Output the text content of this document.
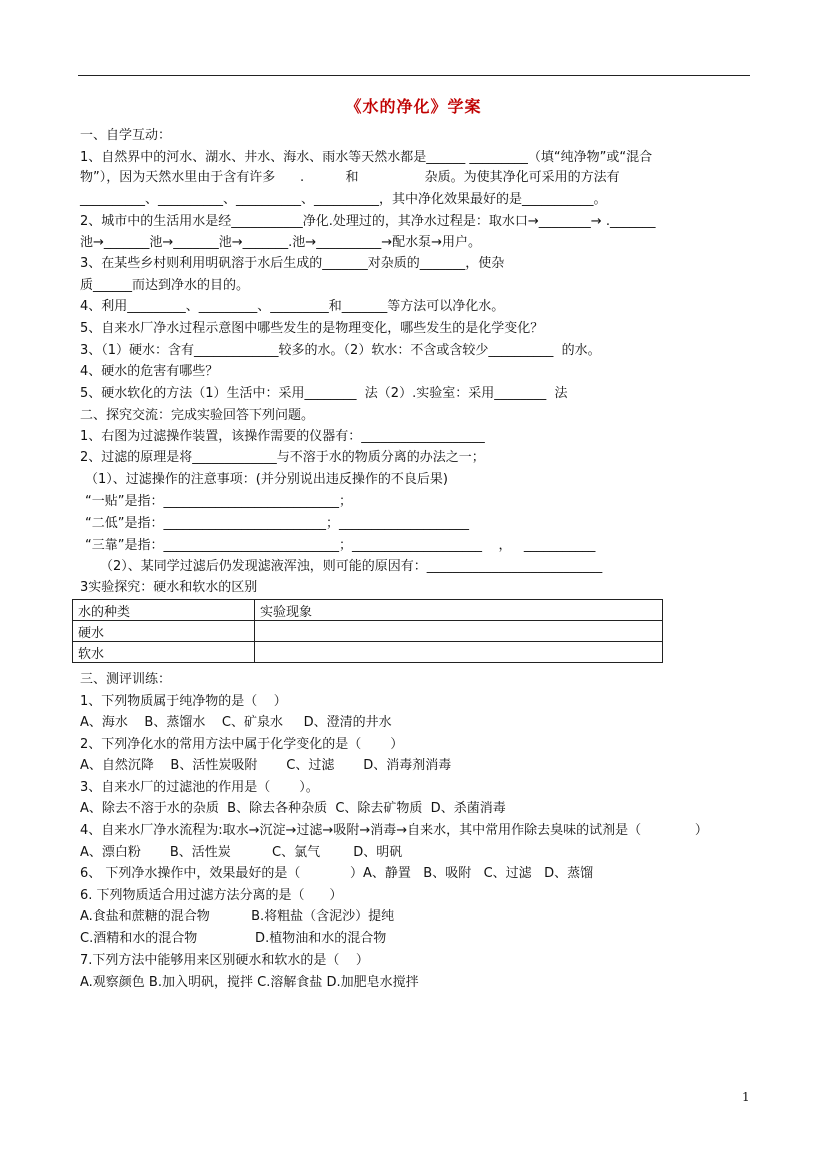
《水的净化》学案
一、自学互动：
1、自然界中的河水、湖水、井水、海水、雨水等天然水都是______ _________（填“纯净物”或“混合
物”），因为天然水里由于含有许多      .          和                杂质。为使其净化可采用的方法有
__________、__________、__________、__________，其中净化效果最好的是___________。
2、城市中的生活用水是经___________净化.处理过的，其净水过程是：取水口→________→ ._______
池→_______池→_______池→_______.池→__________→配水泵→用户。
3、在某些乡村则利用明矾溶于水后生成的_______对杂质的_______，使杂
质______而达到净水的目的。
4、利用_________、_________、_________和_______等方法可以净化水。
5、自来水厂净水过程示意图中哪些发生的是物理变化，哪些发生的是化学变化？
3、（1）硬水：含有_____________较多的水。（2）软水：不含或含较少__________  的水。
4、硬水的危害有哪些？
5、硬水软化的方法（1）生活中：采用________  法（2）.实验室：采用________  法
二、探究交流：完成实验回答下列问题。
1、右图为过滤操作装置，该操作需要的仪器有：___________________
2、过滤的原理是将_____________与不溶于水的物质分离的办法之一；
（1）、过滤操作的注意事项：(并分别说出违反操作的不良后果)
“一贴”是指：___________________________；
“二低”是指：_________________________；____________________
“三靠”是指：___________________________；____________________    ，   ___________
（2）、某同学过滤后仍发现滤液浑浊，则可能的原因有：___________________________
3实验探究：硬水和软水的区别
水的种类	实验现象
硬水	
软水	
三、测评训练：
1、下列物质属于纯净物的是（    ）
A、海水    B、蒸馏水    C、矿泉水     D、澄清的井水
2、下列净化水的常用方法中属于化学变化的是（       ）
A、自然沉降    B、活性炭吸附       C、过滤       D、消毒剂消毒
3、自来水厂的过滤池的作用是（       ）。
A、除去不溶于水的杂质  B、除去各种杂质  C、除去矿物质  D、杀菌消毒
4、自来水厂净水流程为:取水→沉淀→过滤→吸附→消毒→自来水，其中常用作除去臭味的试剂是（             ）
A、漂白粉       B、活性炭          C、氯气        D、明矾
6、 下列净水操作中，效果最好的是（            ）A、静置   B、吸附   C、过滤   D、蒸馏
6. 下列物质适合用过滤方法分离的是（      ）
A.食盐和蔗糖的混合物          B.将粗盐（含泥沙）提纯
C.酒精和水的混合物              D.植物油和水的混合物
7.下列方法中能够用来区别硬水和软水的是（    ）
A.观察颜色 B.加入明矾，搅拌 C.溶解食盐 D.加肥皂水搅拌
1
